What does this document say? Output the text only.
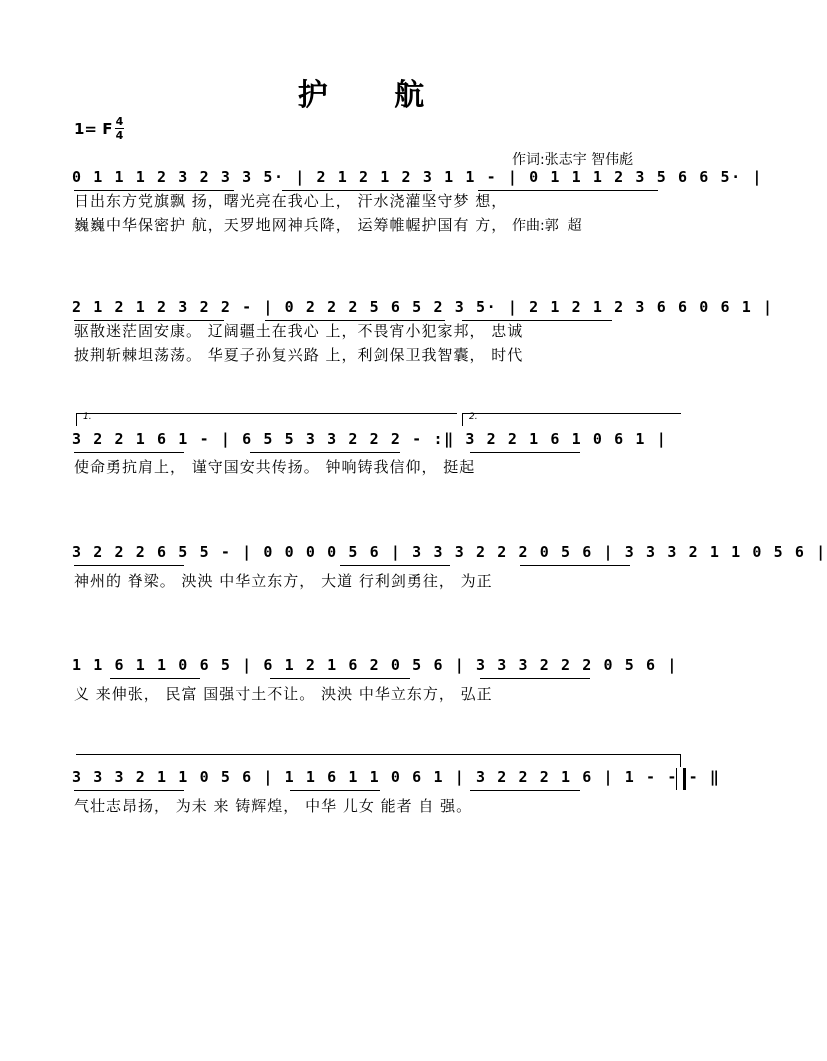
护 航

作词:张志宇 智伟彪

作曲:郭  超

1= F 4
4
0 1 1 1 2 3 2 3 3 5· | 2 1 2 1 2 3 1 1 - | 0 1 1 1 2 3 5 6 6 5· |
日出东方党旗飘 扬，曙光亮在我心上， 汗水浇灌坚守梦 想，
巍巍中华保密护 航，天罗地网神兵降， 运筹帷幄护国有 方，
2 1 2 1 2 3 2 2 - | 0 2 2 2 5 6 5 2 3 5· | 2 1 2 1 2 3 6 6 0 6 1 |
驱散迷茫固安康。 辽阔疆土在我心 上，不畏宵小犯家邦， 忠诚
披荆斩棘坦荡荡。 华夏子孙复兴路 上，利剑保卫我智囊， 时代
1.	2.
3 2 2 1 6 1 - | 6 5 5 3 3 2 2 2 - :‖ 3 2 2 1 6 1 0 6 1 |
使命勇抗肩上， 谨守国安共传扬。 钟响铸我信仰， 挺起
3 2 2 2 6 5 5 - | 0 0 0 0 5 6 | 3 3 3 2 2 2 0 5 6 | 3 3 3 2 1 1 0 5 6 |
神州的 脊梁。 泱泱 中华立东方， 大道 行利剑勇往， 为正
1 1 6 1 1 0 6 5 | 6 1 2 1 6 2 0 5 6 | 3 3 3 2 2 2 0 5 6 |
义 来伸张， 民富 国强寸土不让。 泱泱 中华立东方， 弘正
3 3 3 2 1 1 0 5 6 | 1 1 6 1 1 0 6 1 | 3 2 2 2 1 6 | 1 - - - ‖
气壮志昂扬， 为未 来 铸辉煌， 中华 儿女 能者 自 强。
